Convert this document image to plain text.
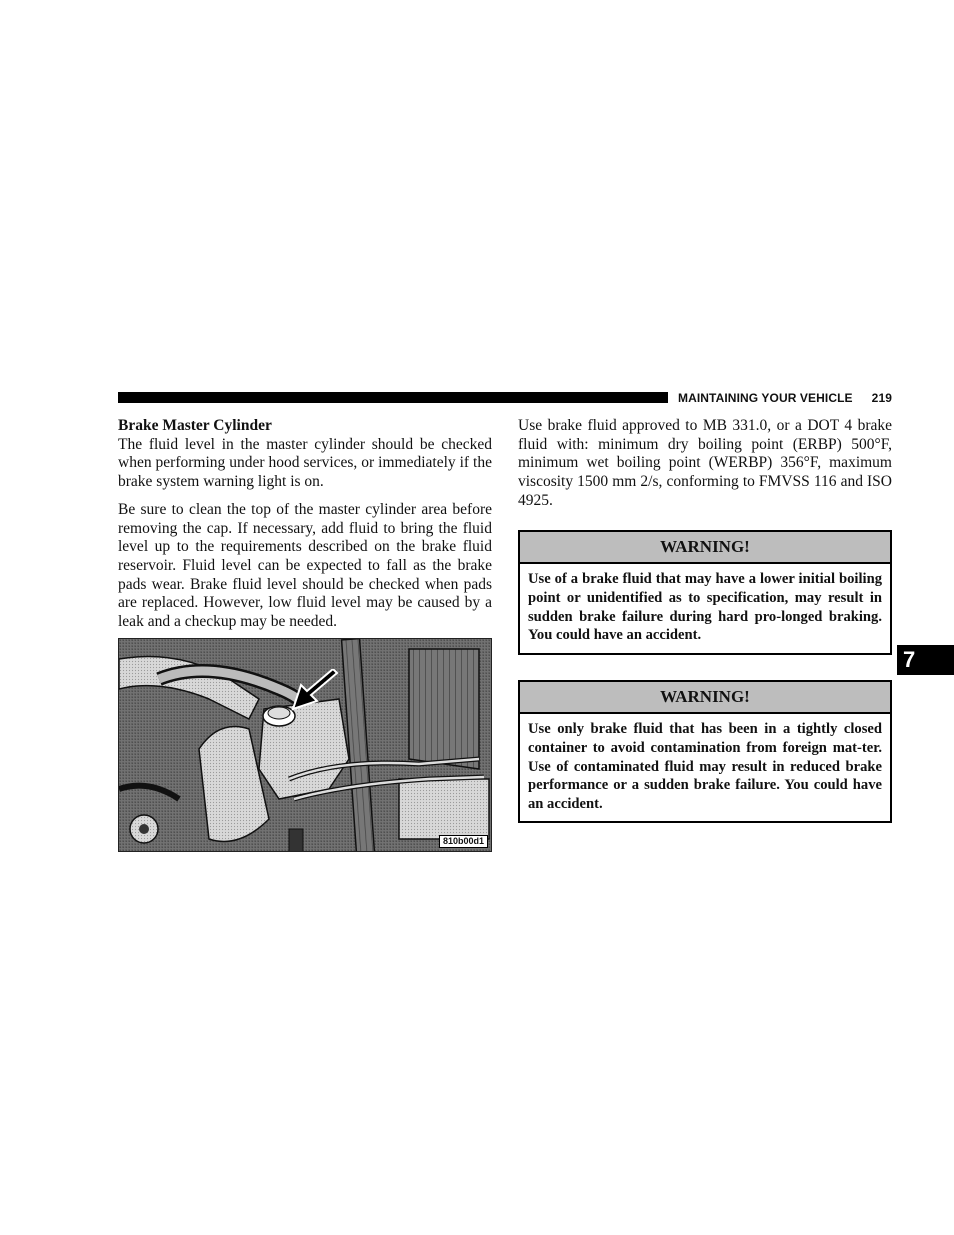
MAINTAINING YOUR VEHICLE 219

Brake Master Cylinder
The fluid level in the master cylinder should be checked when performing under hood services, or immediately if the brake system warning light is on.

Be sure to clean the top of the master cylinder area before removing the cap. If necessary, add fluid to bring the fluid level up to the requirements described on the brake fluid reservoir. Fluid level can be expected to fall as the brake pads wear. Brake fluid level should be checked when pads are replaced. However, low fluid level may be caused by a leak and a checkup may be needed.

810b00d1

Use brake fluid approved to MB 331.0, or a DOT 4 brake fluid with: minimum dry boiling point (ERBP) 500°F, minimum wet boiling point (WERBP) 356°F, maximum viscosity 1500 mm 2/s, conforming to FMVSS 116 and ISO 4925.

WARNING!
Use of a brake fluid that may have a lower initial boiling point or unidentified as to specification, may result in sudden brake failure during hard pro-longed braking. You could have an accident.
WARNING!
Use only brake fluid that has been in a tightly closed container to avoid contamination from foreign mat-ter. Use of contaminated fluid may result in reduced brake performance or a sudden brake failure. You could have an accident.
7
